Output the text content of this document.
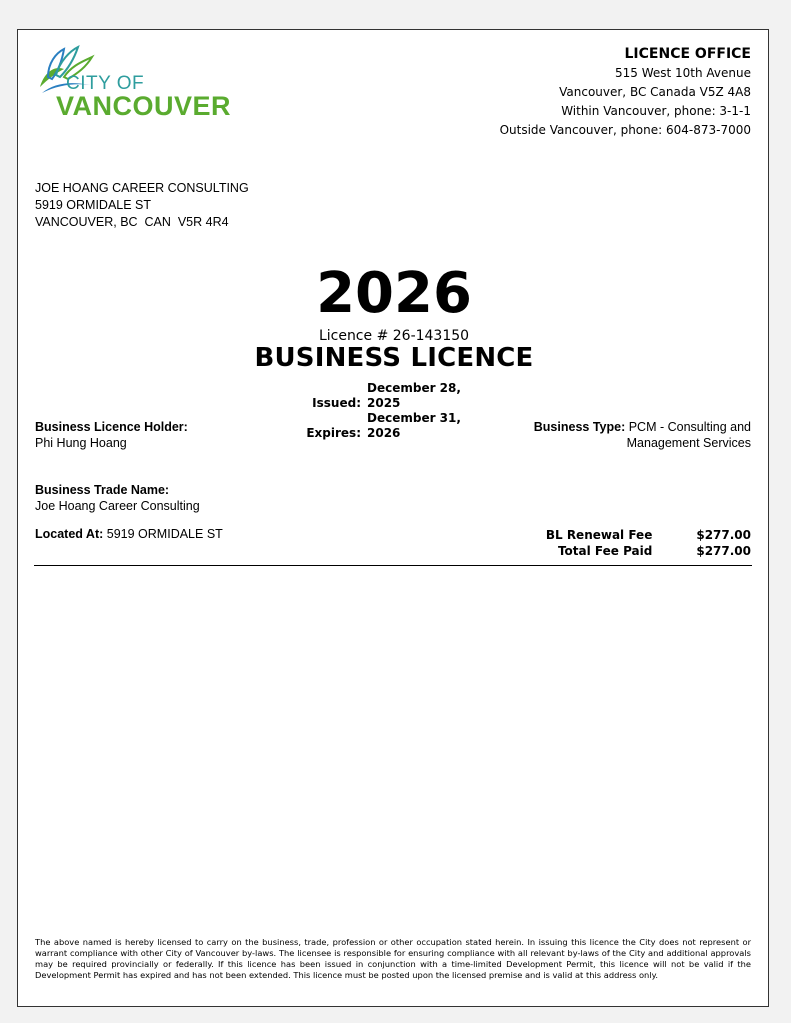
CITY OF
VANCOUVER
LICENCE OFFICE
515 West 10th Avenue
Vancouver, BC Canada V5Z 4A8
Within Vancouver, phone: 3-1-1
Outside Vancouver, phone: 604-873-7000
JOE HOANG CAREER CONSULTING
5919 ORMIDALE ST
VANCOUVER, BC  CAN  V5R 4R4
2026
Licence # 26-143150
BUSINESS LICENCE
Issued:December 28, 2025
Expires:December 31, 2026
Business Licence Holder:
Phi Hung Hoang
Business Type: PCM - Consulting and
Management Services
Business Trade Name:
Joe Hoang Career Consulting
Located At: 5919 ORMIDALE ST	BL Renewal Fee	$277.00
Total Fee Paid	$277.00
The above named is hereby licensed to carry on the business, trade, profession or other occupation stated herein. In issuing this licence the City does not represent or warrant compliance with other City of Vancouver by-laws. The licensee is responsible for ensuring compliance with all relevant by-laws of the City and additional approvals may be required provincially or federally. If this licence has been issued in conjunction with a time-limited Development Permit, this licence will not be valid if the Development Permit has expired and has not been extended. This licence must be posted upon the licensed premise and is valid at this address only.
